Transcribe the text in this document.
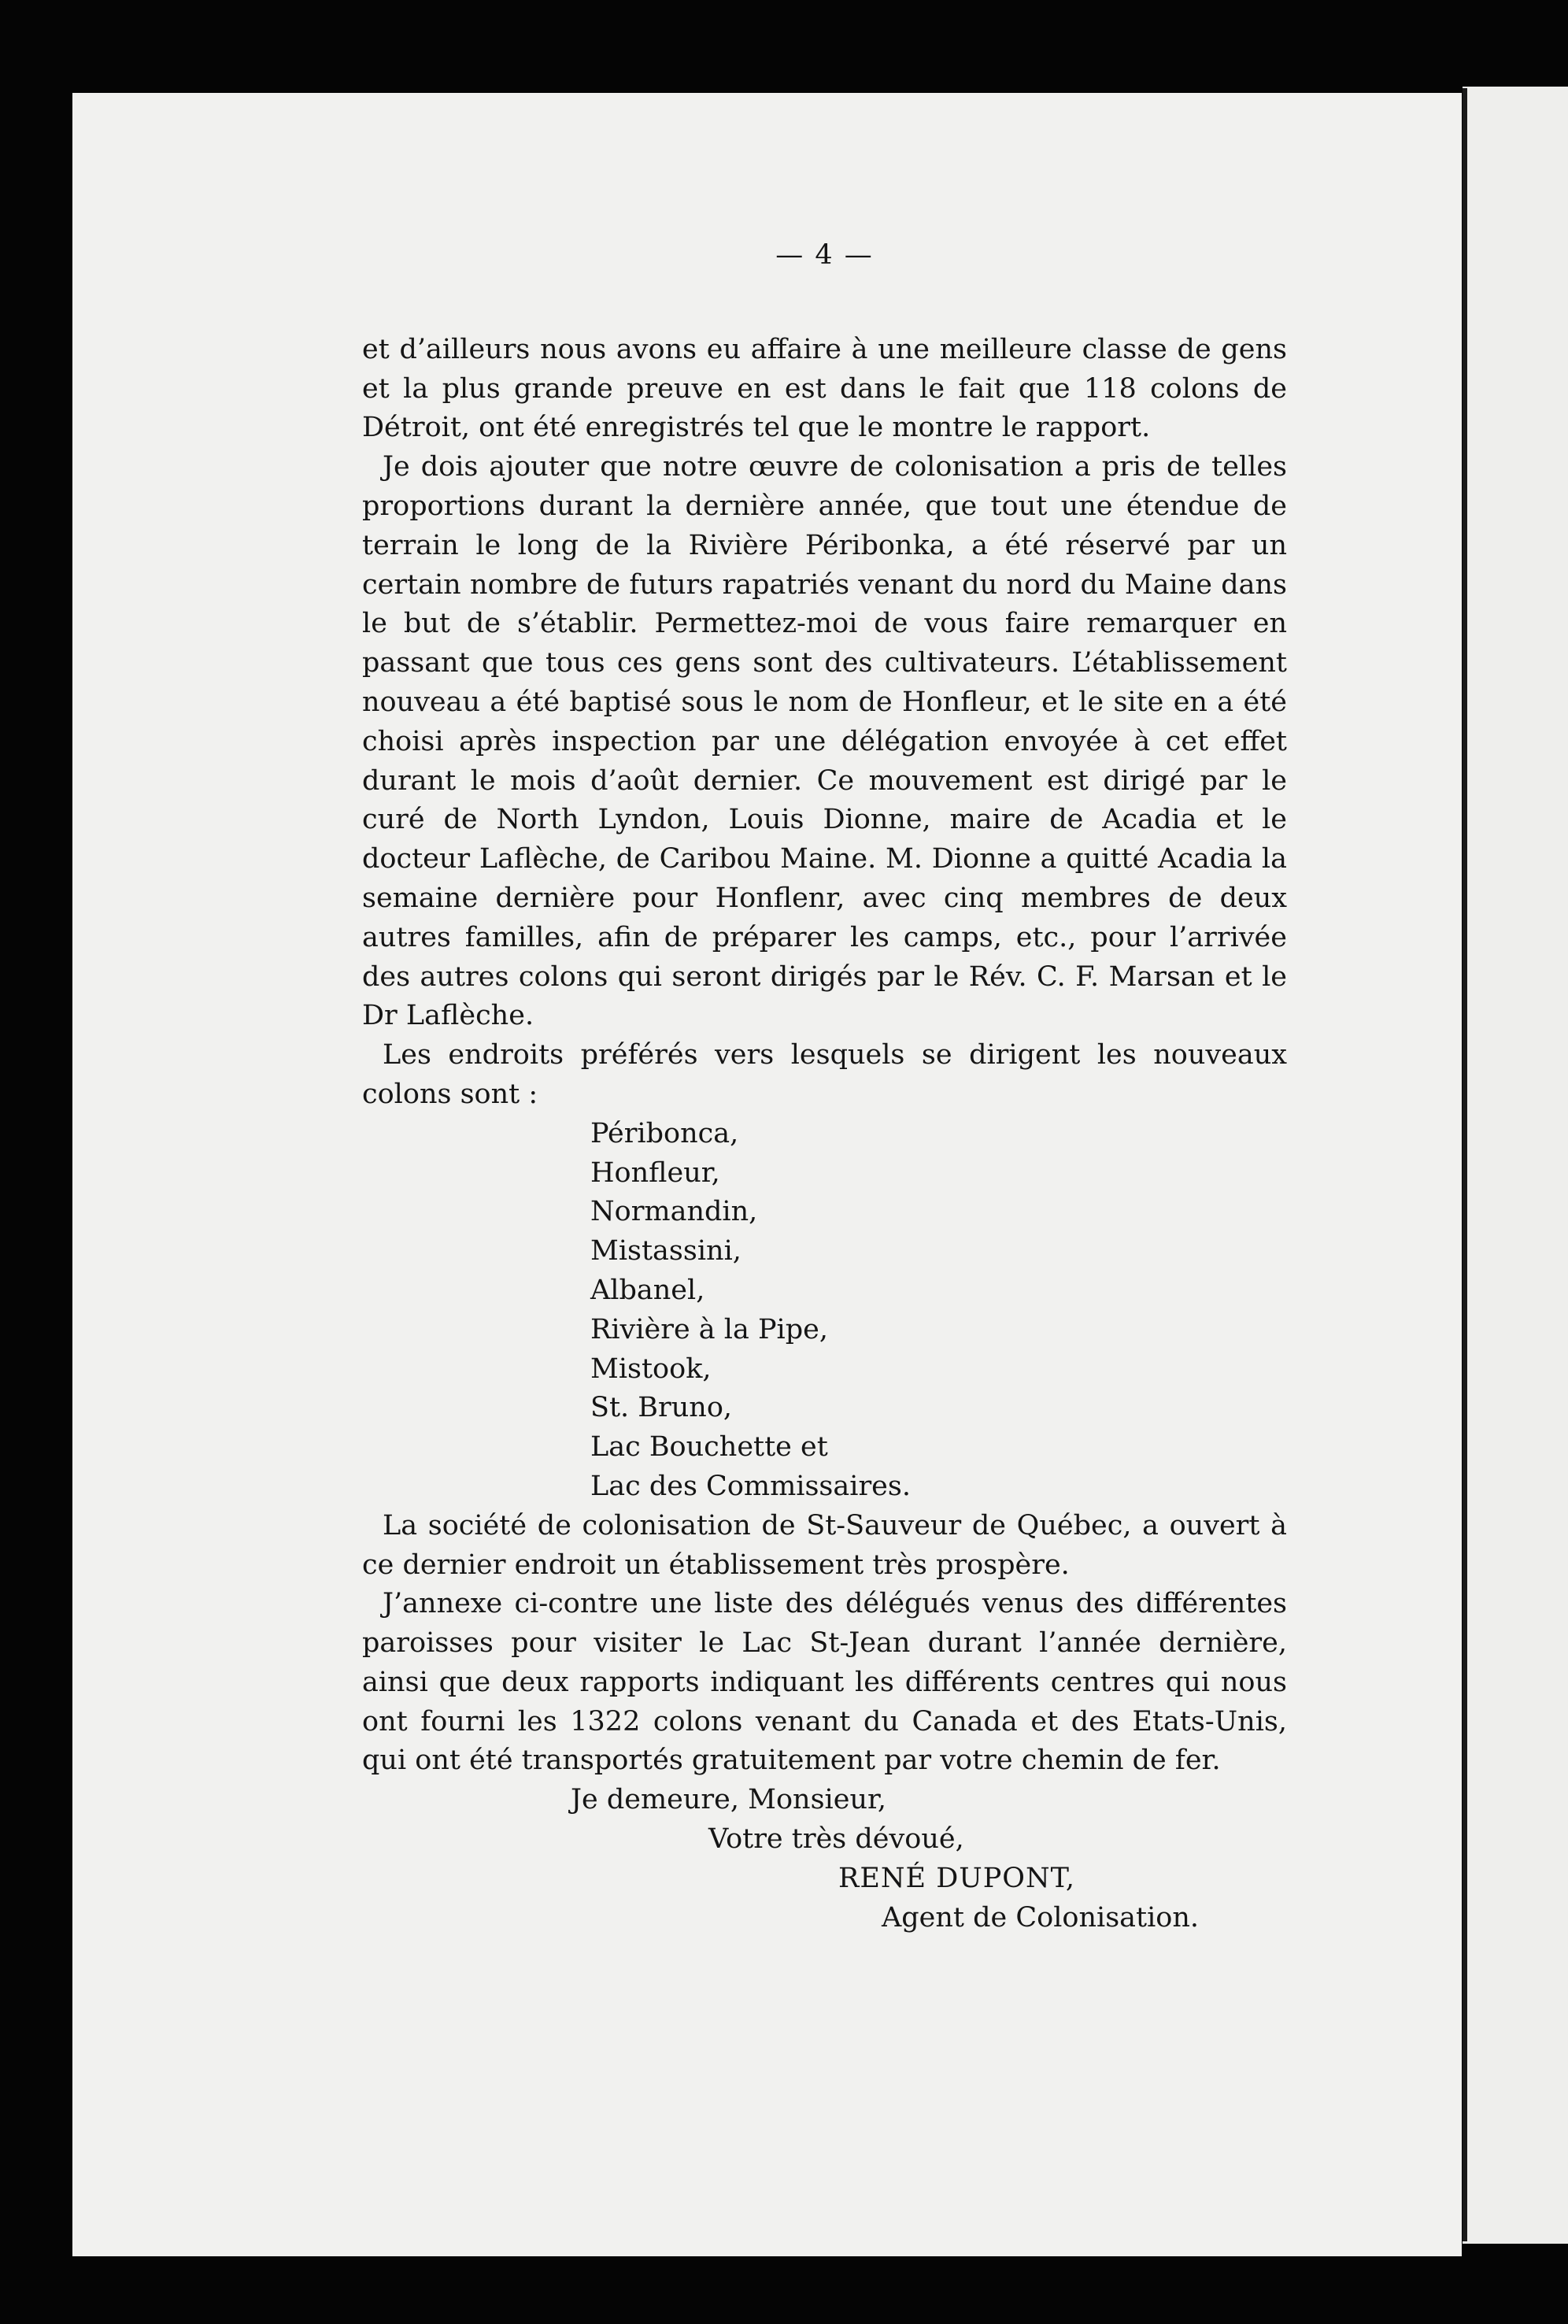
— 4 —

et d’ailleurs nous avons eu affaire à une meilleure classe de gens et la plus grande preuve en est dans le fait que 118 colons de Détroit, ont été enregistrés tel que le montre le rapport.

Je dois ajouter que notre œuvre de colonisation a pris de telles proportions durant la dernière année, que tout une étendue de terrain le long de la Rivière Péribonka, a été réservé par un certain nombre de futurs rapatriés venant du nord du Maine dans le but de s’établir. Permettez-moi de vous faire remarquer en passant que tous ces gens sont des cultivateurs. L’établissement nouveau a été baptisé sous le nom de Honfleur, et le site en a été choisi après inspection par une délégation envoyée à cet effet durant le mois d’août dernier. Ce mouvement est dirigé par le curé de North Lyndon, Louis Dionne, maire de Acadia et le docteur Laflèche, de Caribou Maine. M. Dionne a quitté Acadia la semaine dernière pour Honflenr, avec cinq membres de deux autres familles, afin de préparer les camps, etc., pour l’arrivée des autres colons qui seront dirigés par le Rév. C. F. Marsan et le Dr Laflèche.

Les endroits préférés vers lesquels se dirigent les nouveaux colons sont :

Péribonca,
Honfleur,
Normandin,
Mistassini,
Albanel,
Rivière à la Pipe,
Mistook,
St. Bruno,
Lac Bouchette et
Lac des Commissaires.

La société de colonisation de St-Sauveur de Québec, a ouvert à ce dernier endroit un établissement très prospère.

J’annexe ci-contre une liste des délégués venus des différentes paroisses pour visiter le Lac St-Jean durant l’année dernière, ainsi que deux rapports indiquant les différents centres qui nous ont fourni les 1322 colons venant du Canada et des Etats-Unis, qui ont été transportés gratuitement par votre chemin de fer.

Je demeure, Monsieur,
Votre très dévoué,
RENÉ DUPONT,
Agent de Colonisation.
